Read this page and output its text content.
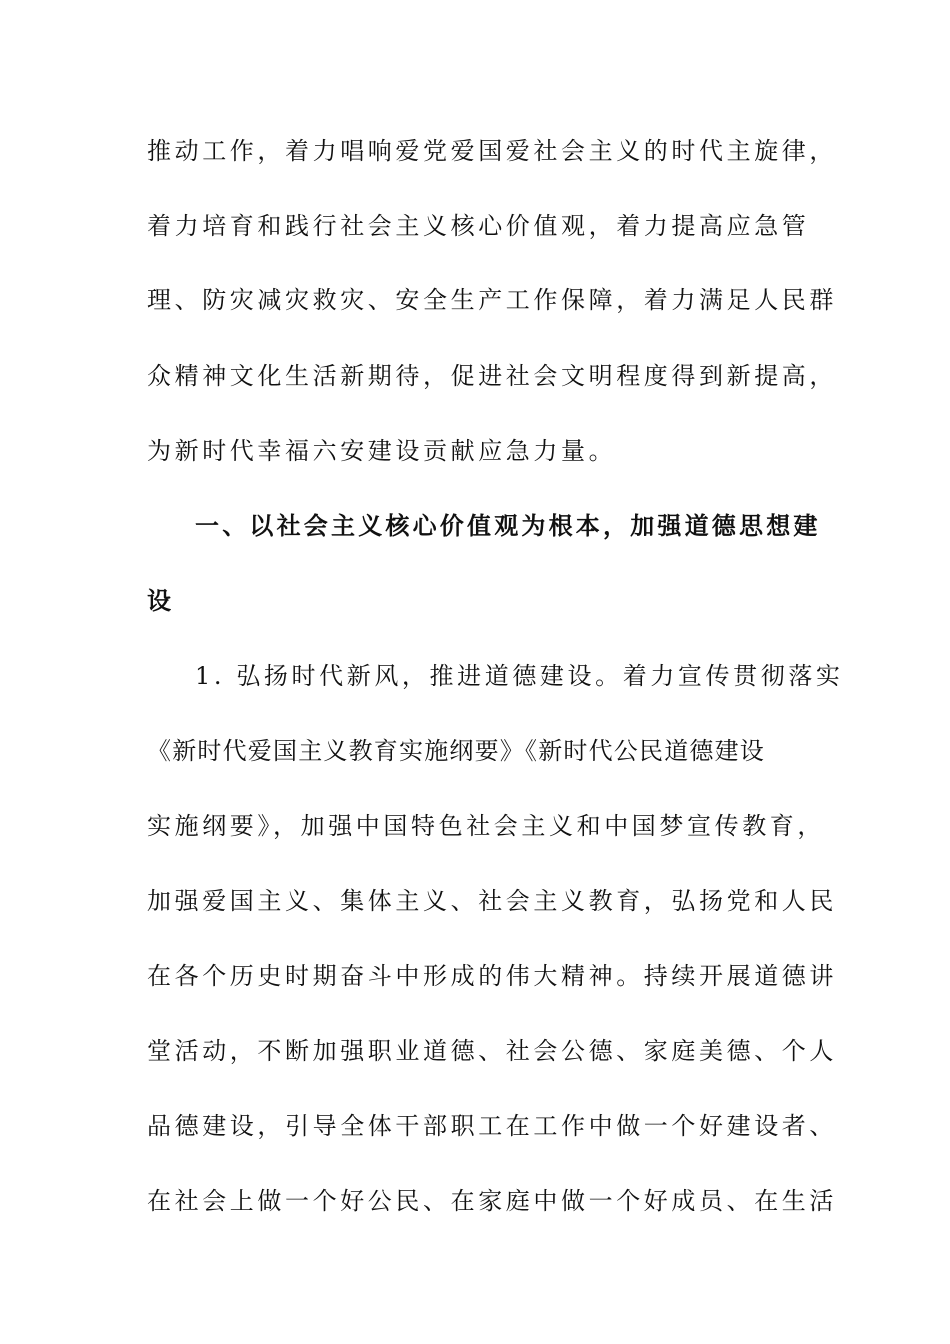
推动工作，着力唱响爱党爱国爱社会主义的时代主旋律，
着力培育和践行社会主义核心价值观，着力提高应急管
理、防灾减灾救灾、安全生产工作保障，着力满足人民群
众精神文化生活新期待，促进社会文明程度得到新提高，
为新时代幸福六安建设贡献应急力量。
一、以社会主义核心价值观为根本，加强道德思想建
设
1. 弘扬时代新风，推进道德建设。着力宣传贯彻落实
《新时代爱国主义教育实施纲要》《新时代公民道德建设
实施纲要》，加强中国特色社会主义和中国梦宣传教育，
加强爱国主义、集体主义、社会主义教育，弘扬党和人民
在各个历史时期奋斗中形成的伟大精神。持续开展道德讲
堂活动，不断加强职业道德、社会公德、家庭美德、个人
品德建设，引导全体干部职工在工作中做一个好建设者、
在社会上做一个好公民、在家庭中做一个好成员、在生活
